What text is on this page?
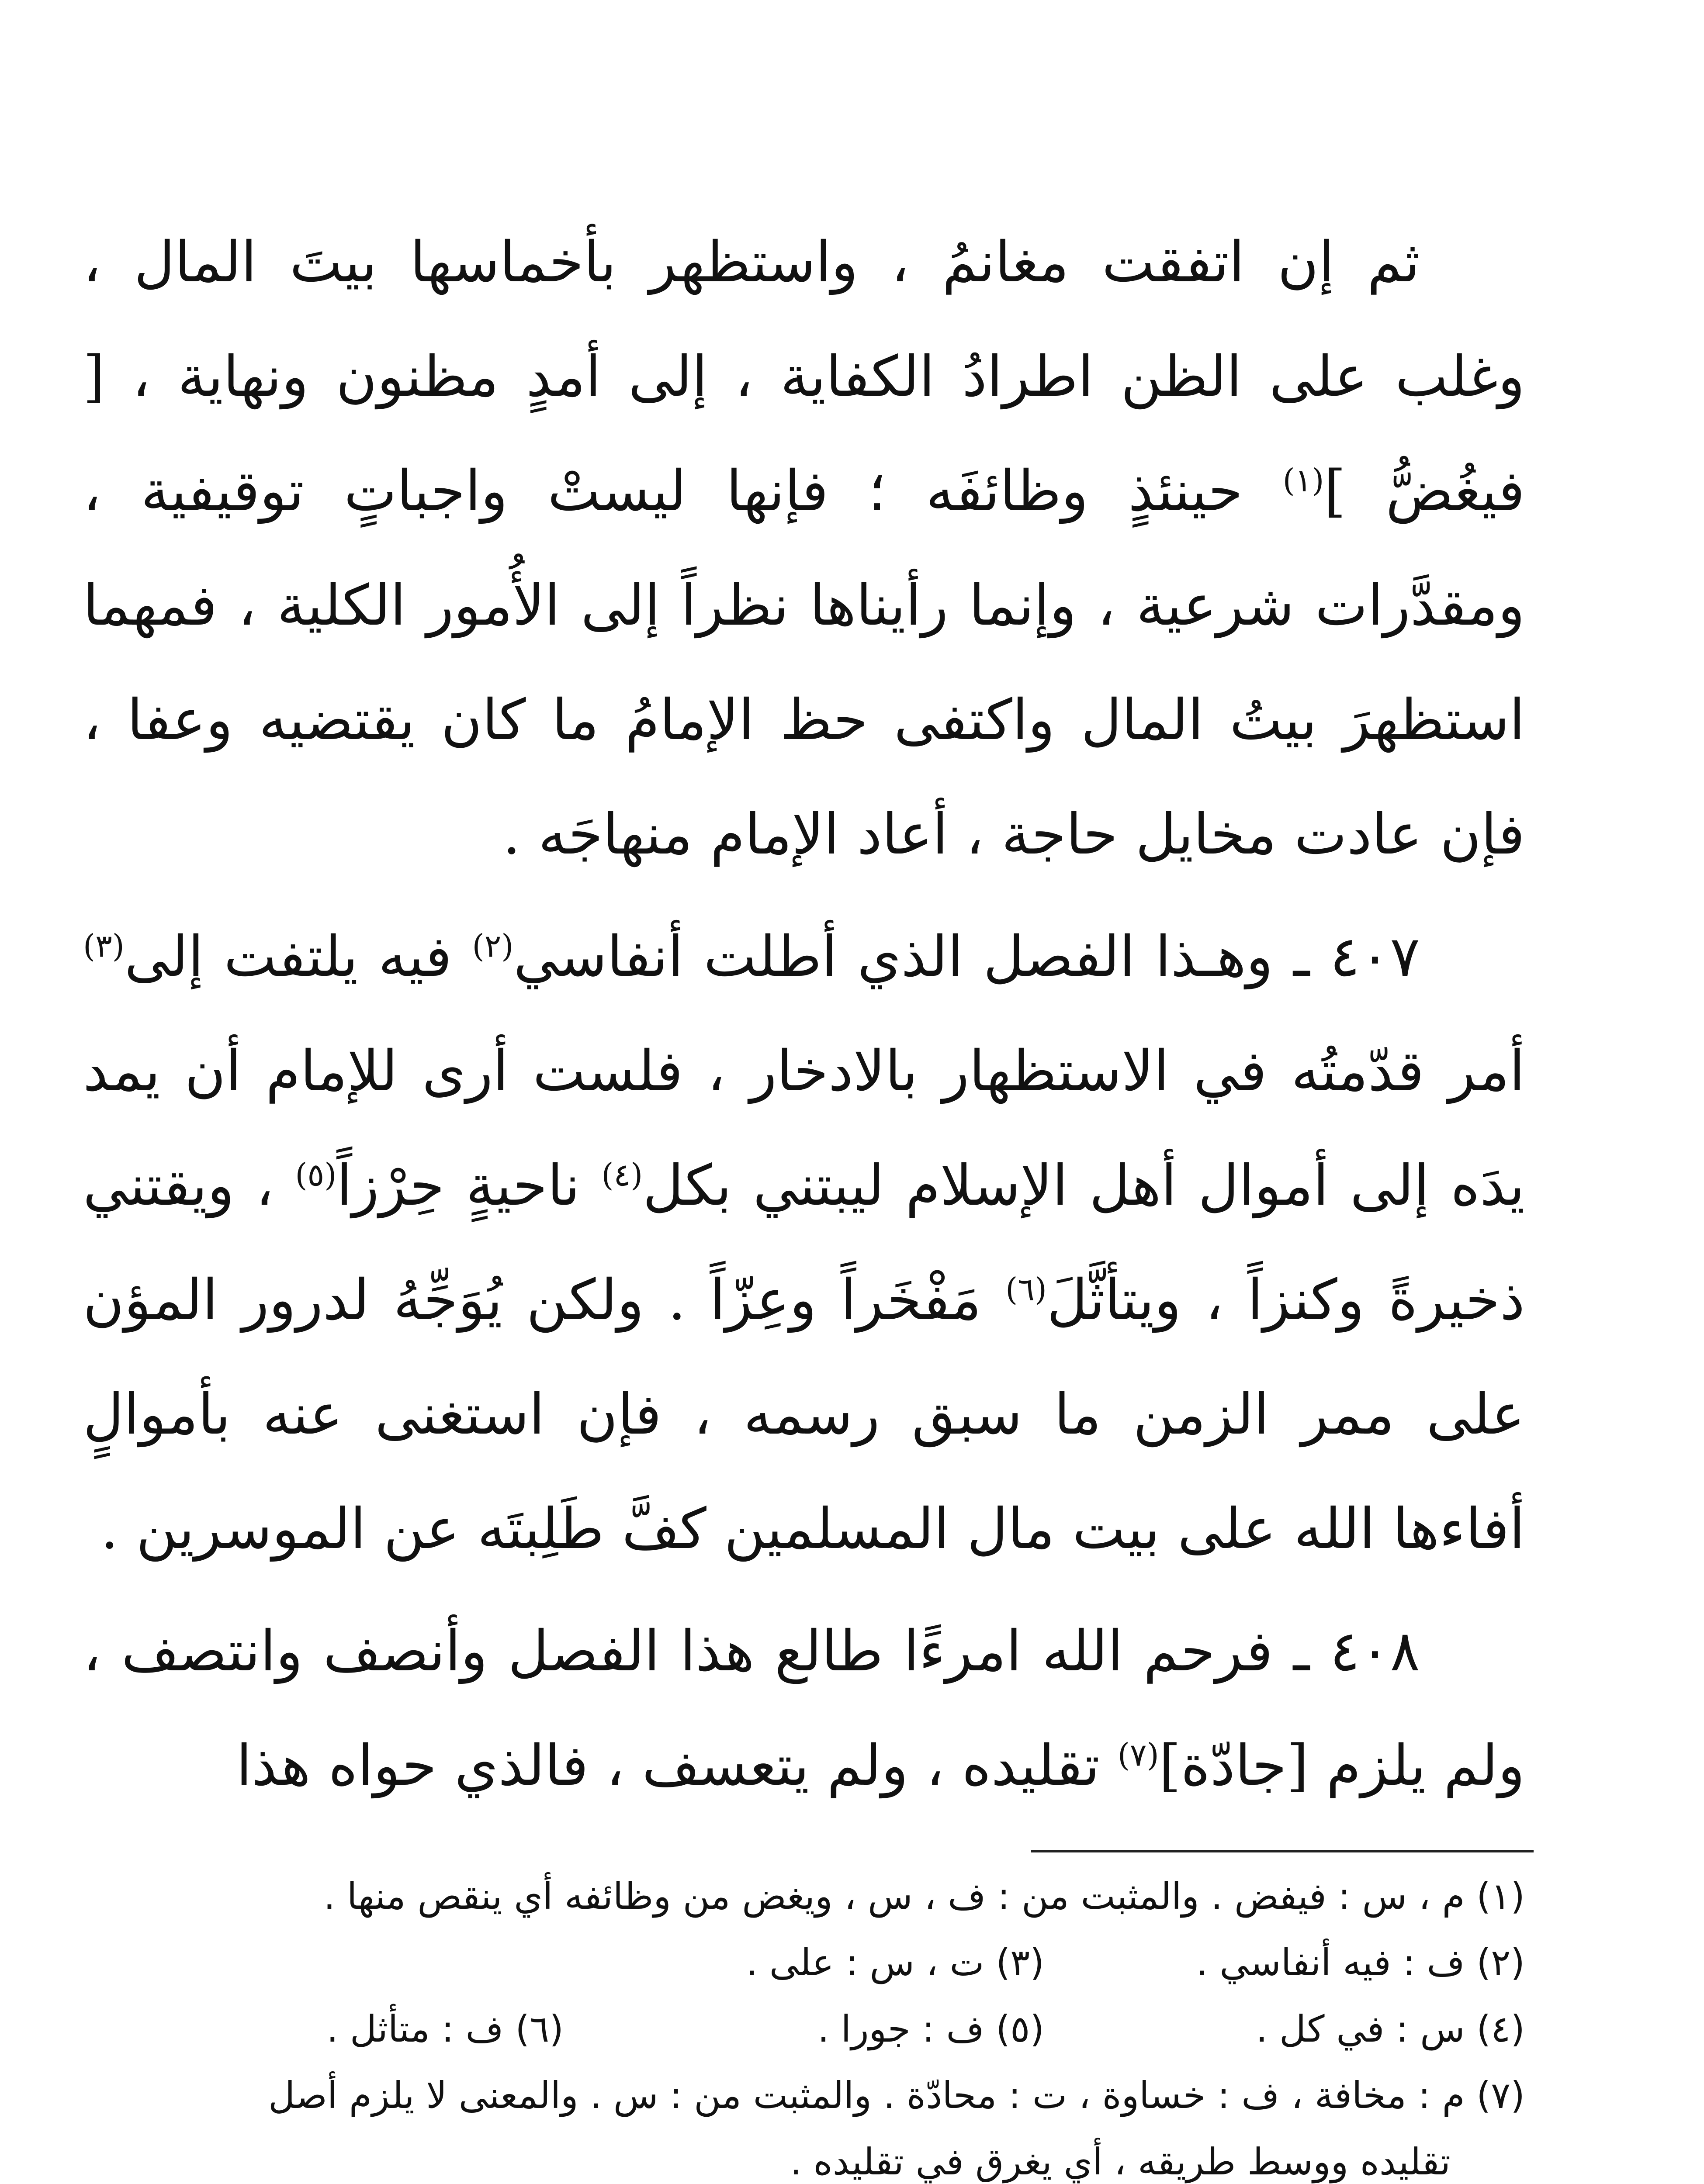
ثم إن اتفقت مغانمُ ، واستظهر بأخماسها بيتَ المال ، وغلب على الظن اطرادُ الكفاية ، إلى أمدٍ مظنون ونهاية ، [ فيغُضُّ ]$^{(١)}$ حينئذٍ وظائفَه ؛ فإنها ليستْ واجباتٍ توقيفية ، ومقدَّرات شرعية ، وإنما رأيناها نظراً إلى الأُمور الكلية ، فمهما استظهرَ بيتُ المال واكتفى حظ الإمامُ ما كان يقتضيه وعفا ، فإن عادت مخايل حاجة ، أعاد الإمام منهاجَه .

٤٠٧ ـ وهـذا الفصل الذي أطلت أنفاسي$^{(٢)}$ فيه يلتفت إلى$^{(٣)}$ أمر قدّمتُه في الاستظهار بالادخار ، فلست أرى للإمام أن يمد يدَه إلى أموال أهل الإسلام ليبتني بكل$^{(٤)}$ ناحيةٍ حِرْزاً$^{(٥)}$ ، ويقتني ذخيرةً وكنزاً ، ويتأثَّلَ$^{(٦)}$ مَفْخَراً وعِزّاً . ولكن يُوَجِّهُ لدرور المؤن على ممر الزمن ما سبق رسمه ، فإن استغنى عنه بأموالٍ أفاءها الله على بيت مال المسلمين كفَّ طَلِبتَه عن الموسرين .

٤٠٨ ـ فرحم الله امرءًا طالع هذا الفصل وأنصف وانتصف ، ولم يلزم [جادّة]$^{(٧)}$ تقليده ، ولم يتعسف ، فالذي حواه هذا

(١) م ، س : فيفض . والمثبت من : ف ، س ، ويغض من وظائفه أي ينقص منها .
(٢) ف : فيه أنفاسي .
(٣) ت ، س : على .
(٤) س : في كل .
(٥) ف : جورا .
(٦) ف : متأثل .
(٧) م : مخافة ، ف : خساوة ، ت : محادّة . والمثبت من : س . والمعنى لا يلزم أصل
تقليده ووسط طريقه ، أي يغرق في تقليده .
